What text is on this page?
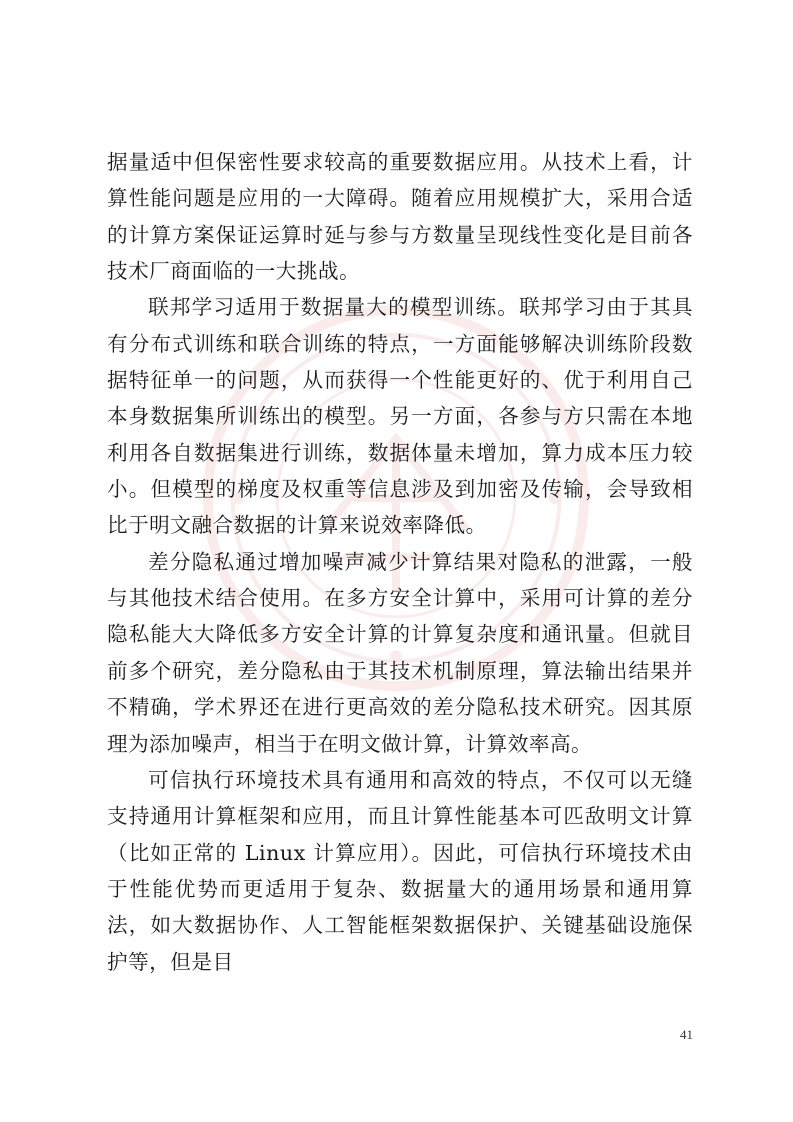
据量适中但保密性要求较高的重要数据应用。从技术上看，计算性能问题是应用的一大障碍。随着应用规模扩大，采用合适的计算方案保证运算时延与参与方数量呈现线性变化是目前各技术厂商面临的一大挑战。

联邦学习适用于数据量大的模型训练。联邦学习由于其具有分布式训练和联合训练的特点，一方面能够解决训练阶段数据特征单一的问题，从而获得一个性能更好的、优于利用自己本身数据集所训练出的模型。另一方面，各参与方只需在本地利用各自数据集进行训练，数据体量未增加，算力成本压力较小。但模型的梯度及权重等信息涉及到加密及传输，会导致相比于明文融合数据的计算来说效率降低。

差分隐私通过增加噪声减少计算结果对隐私的泄露，一般与其他技术结合使用。在多方安全计算中，采用可计算的差分隐私能大大降低多方安全计算的计算复杂度和通讯量。但就目前多个研究，差分隐私由于其技术机制原理，算法输出结果并不精确，学术界还在进行更高效的差分隐私技术研究。因其原理为添加噪声，相当于在明文做计算，计算效率高。

可信执行环境技术具有通用和高效的特点，不仅可以无缝支持通用计算框架和应用，而且计算性能基本可匹敌明文计算（比如正常的 Linux 计算应用）。因此，可信执行环境技术由于性能优势而更适用于复杂、数据量大的通用场景和通用算法，如大数据协作、人工智能框架数据保护、关键基础设施保护等，但是目

41
